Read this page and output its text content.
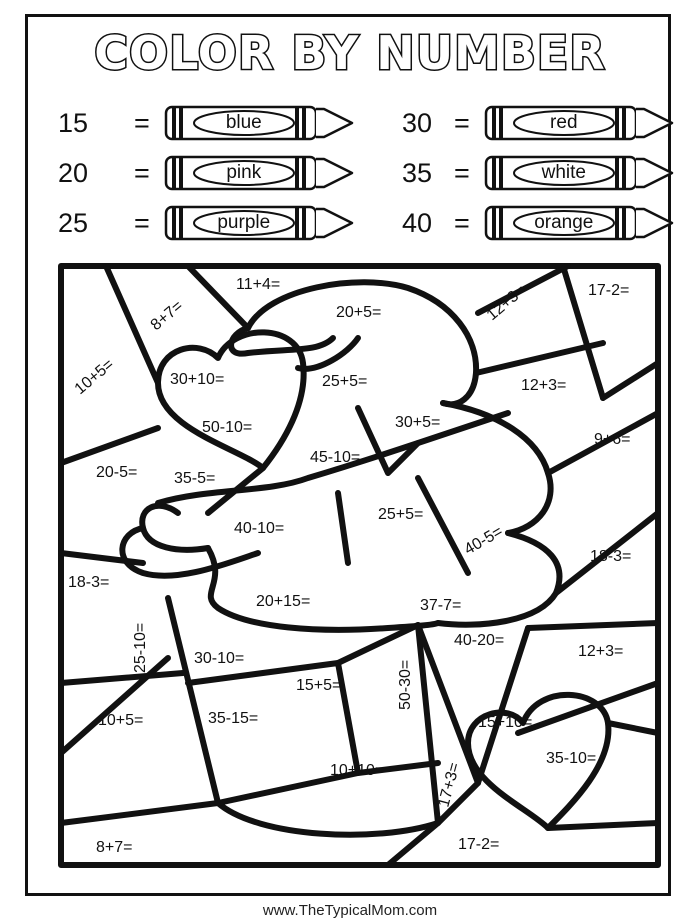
COLOR BY NUMBER
15	=	blue
20	=	pink
25	=	purple
30 =	red
35 =	white
40 =	orange
11+4=
8+7=	20+5=	12+3=	17-2=
10+5=	30+10=	25+5=	12+3=
50-10=	30+5=
9+6=
20-5= 35-5=
45-10=
40-10=
25+5=
40-5=	18-3=
18-3=
20+15=	37-7=
25-10=	30-10=
40-20=
12+3=
15+5=	50-30=
10+5=	35-15=	15+10=
10+10=
35-10=
17+3=
8+7=	17-2=
www.TheTypicalMom.com
